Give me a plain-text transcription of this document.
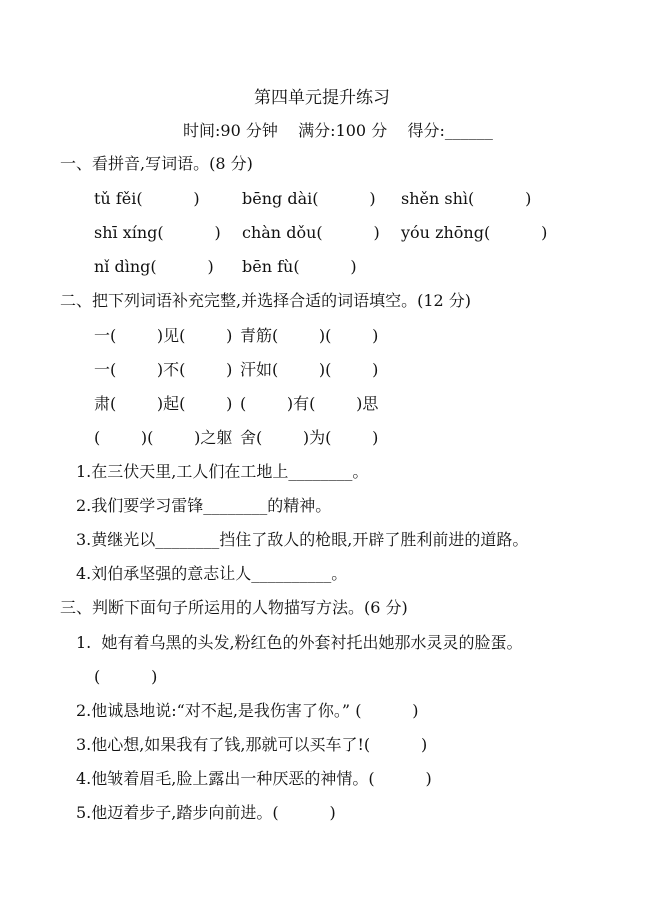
第四单元提升练习
时间:90 分钟    满分:100 分    得分:______
一、看拼音,写词语。(8 分)
tǔ fěi(          )	bēng dài(          ) shěn shì(          )
shī xíng(          ) chàn dǒu(          ) yóu zhōng(          )
nǐ dìng(          ) bēn fù(          )
二、把下列词语补充完整,并选择合适的词语填空。(12 分)
一(        )见(        ) 青筋(        )(        )
一(        )不(        ) 汗如(        )(        )
肃(        )起(        ) (        )有(        )思
(        )(        )之躯 舍(        )为(        )
1.在三伏天里,工人们在工地上________。
2.我们要学习雷锋________的精神。
3.黄继光以________挡住了敌人的枪眼,开辟了胜利前进的道路。
4.刘伯承坚强的意志让人__________。
三、判断下面句子所运用的人物描写方法。(6 分)
1.  她有着乌黑的头发,粉红色的外套衬托出她那水灵灵的脸蛋。
(          )
2.他诚恳地说:“对不起,是我伤害了你。” (          )
3.他心想,如果我有了钱,那就可以买车了!(          )
4.他皱着眉毛,脸上露出一种厌恶的神情。(          )
5.他迈着步子,踏步向前进。(          )
